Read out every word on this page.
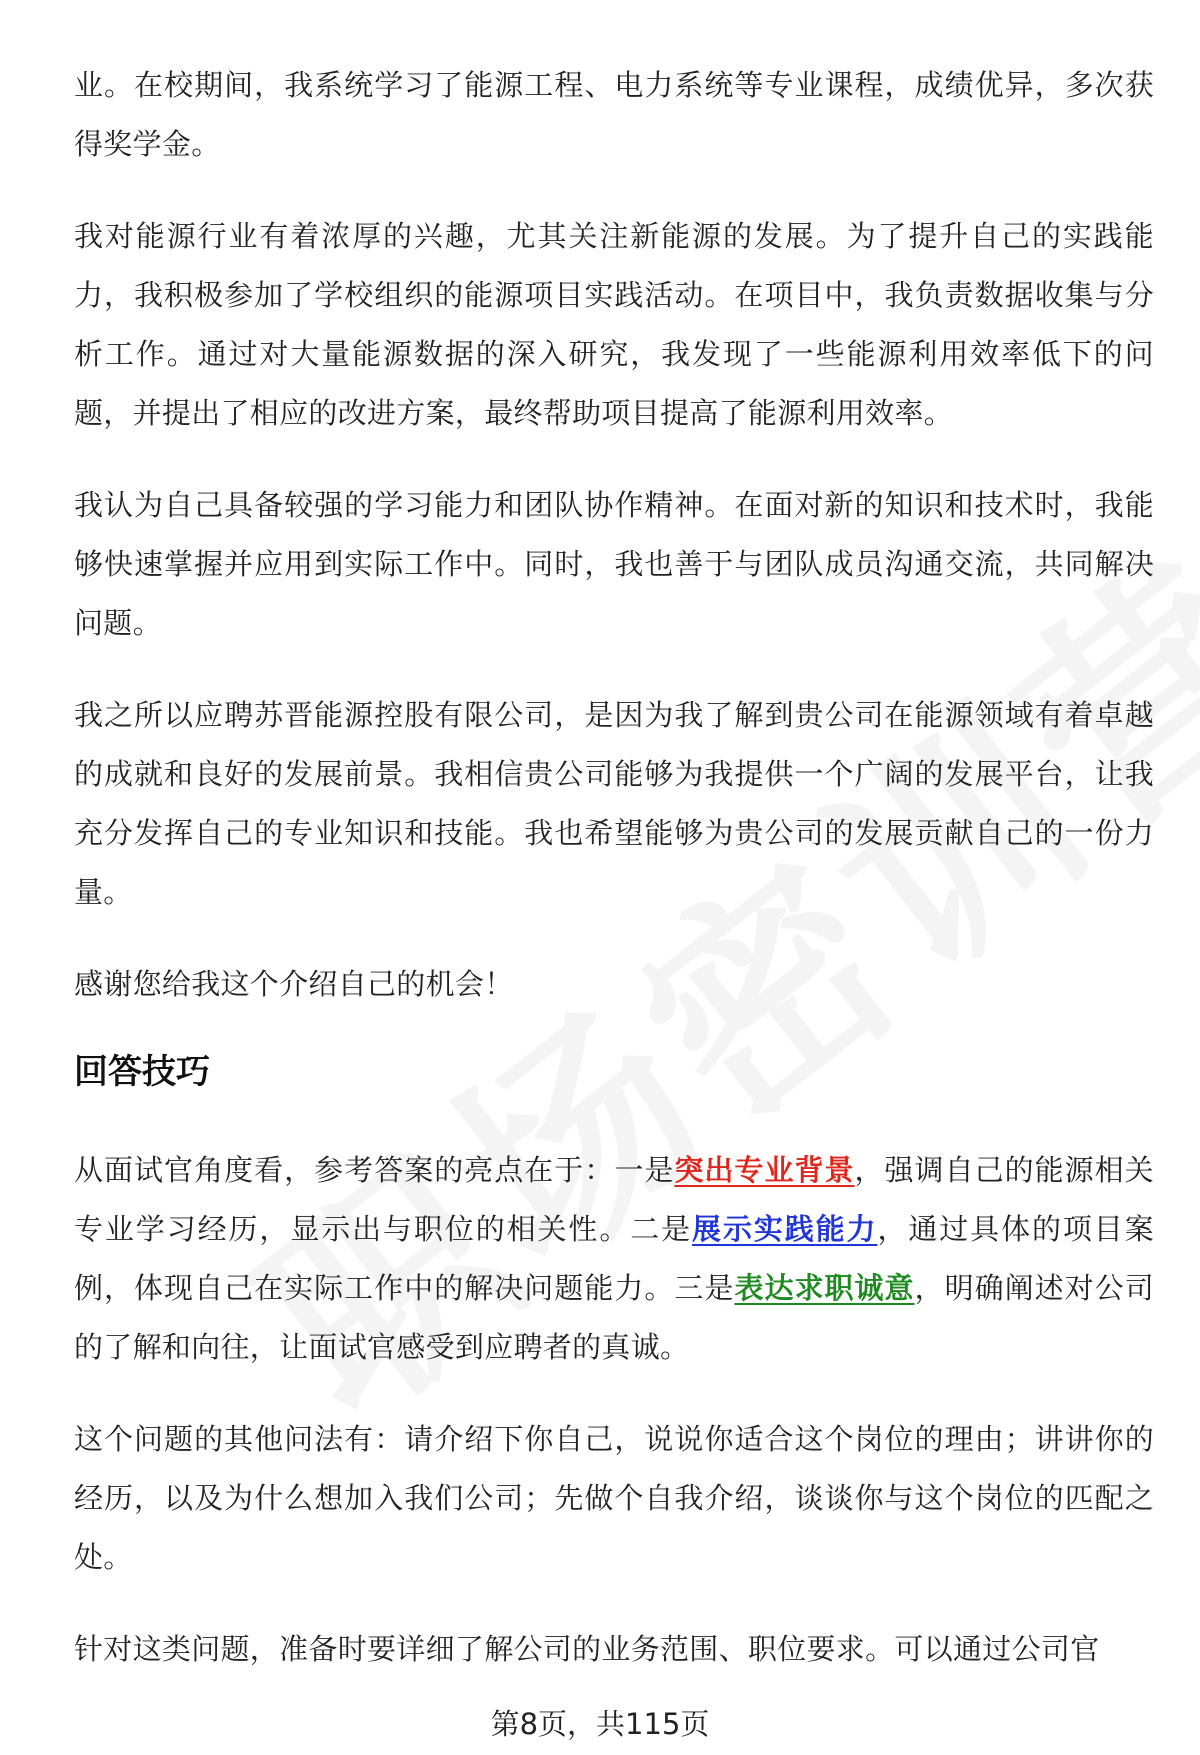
业。在校期间，我系统学习了能源工程、电力系统等专业课程，成绩优异，多次获得奖学金。

我对能源行业有着浓厚的兴趣，尤其关注新能源的发展。为了提升自己的实践能力，我积极参加了学校组织的能源项目实践活动。在项目中，我负责数据收集与分析工作。通过对大量能源数据的深入研究，我发现了一些能源利用效率低下的问题，并提出了相应的改进方案，最终帮助项目提高了能源利用效率。

我认为自己具备较强的学习能力和团队协作精神。在面对新的知识和技术时，我能够快速掌握并应用到实际工作中。同时，我也善于与团队成员沟通交流，共同解决问题。

我之所以应聘苏晋能源控股有限公司，是因为我了解到贵公司在能源领域有着卓越的成就和良好的发展前景。我相信贵公司能够为我提供一个广阔的发展平台，让我充分发挥自己的专业知识和技能。我也希望能够为贵公司的发展贡献自己的一份力量。

感谢您给我这个介绍自己的机会！

回答技巧

从面试官角度看，参考答案的亮点在于：一是突出专业背景，强调自己的能源相关专业学习经历，显示出与职位的相关性。二是展示实践能力，通过具体的项目案例，体现自己在实际工作中的解决问题能力。三是表达求职诚意，明确阐述对公司的了解和向往，让面试官感受到应聘者的真诚。

这个问题的其他问法有：请介绍下你自己，说说你适合这个岗位的理由；讲讲你的经历，以及为什么想加入我们公司；先做个自我介绍，谈谈你与这个岗位的匹配之处。

针对这类问题，准备时要详细了解公司的业务范围、职位要求。可以通过公司官

第8页，共115页
